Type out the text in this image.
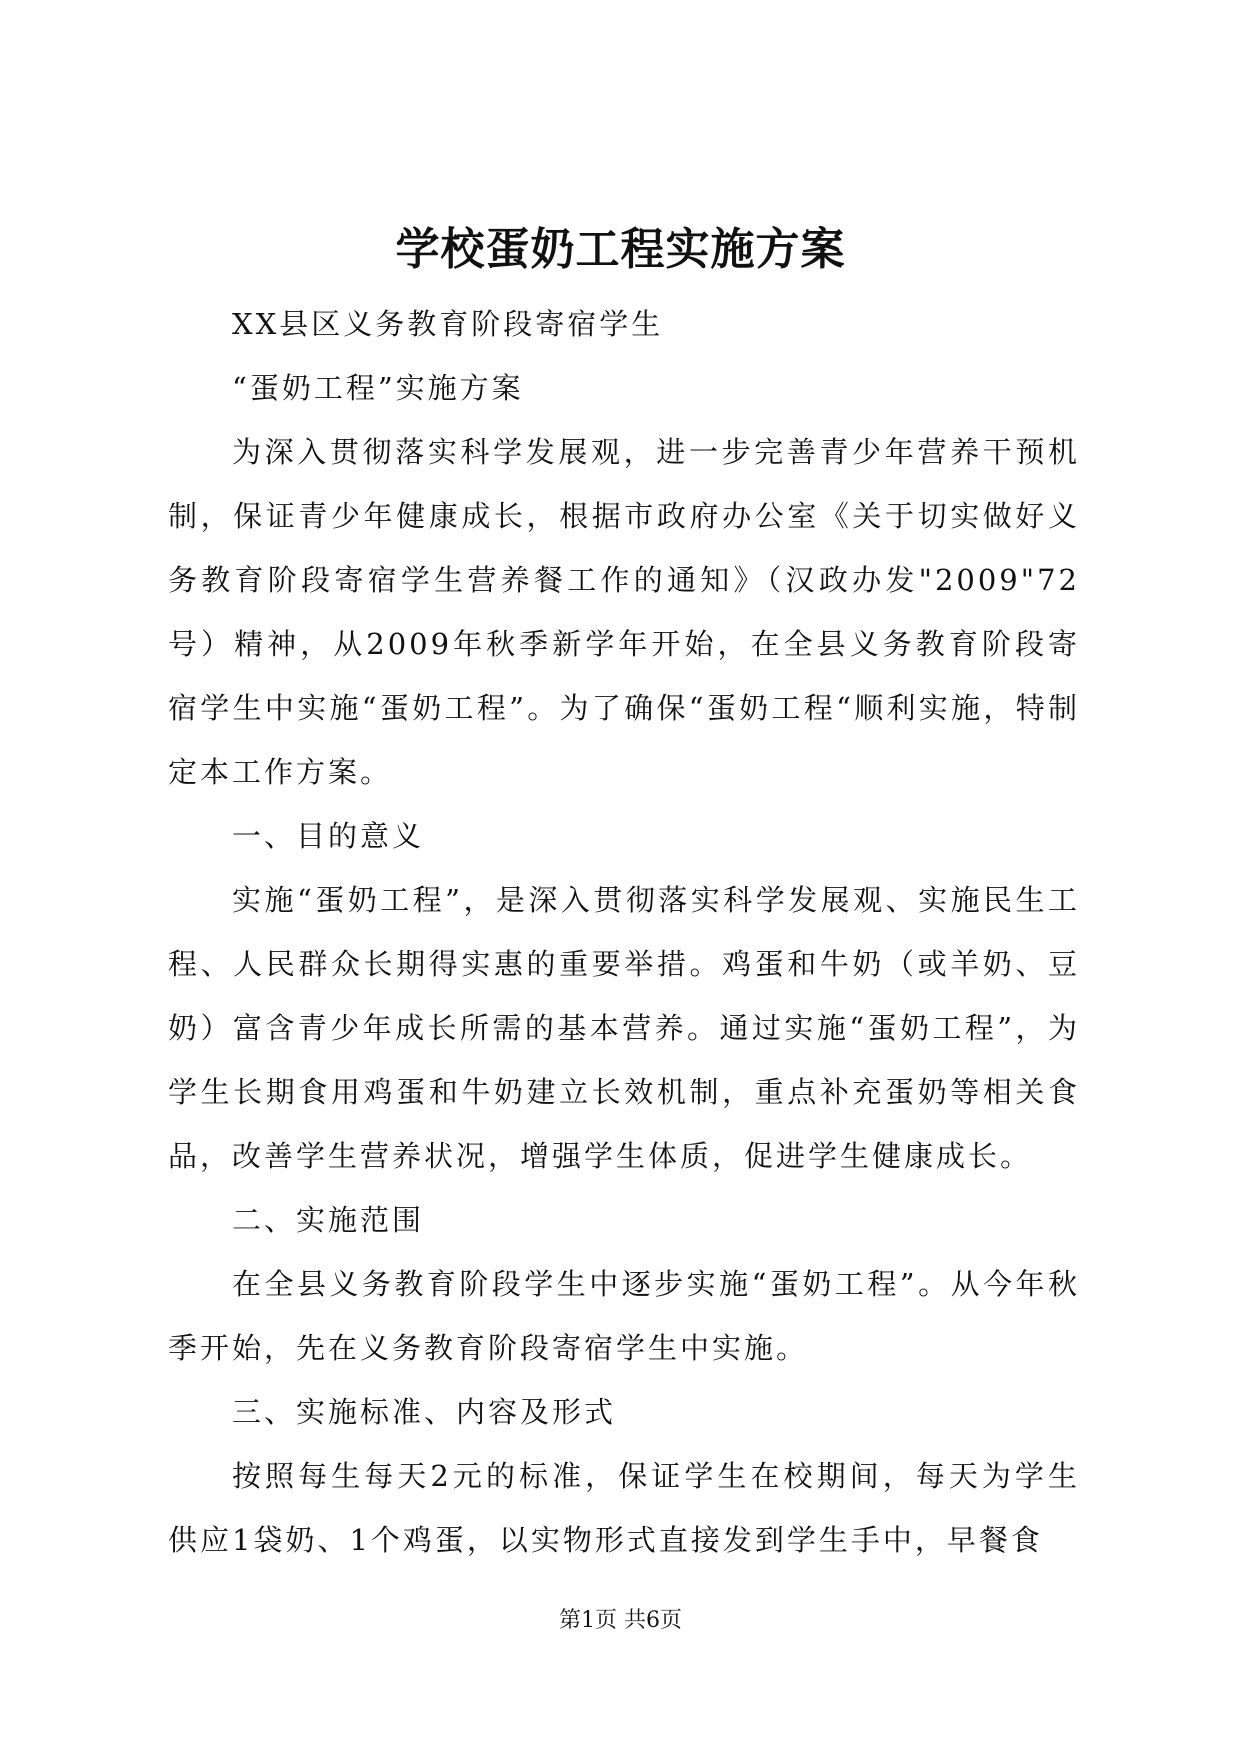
学校蛋奶工程实施方案

XX县区义务教育阶段寄宿学生

“蛋奶工程”实施方案

为深入贯彻落实科学发展观，进一步完善青少年营养干预机制，保证青少年健康成长，根据市政府办公室《关于切实做好义务教育阶段寄宿学生营养餐工作的通知》（汉政办发"2009"72号）精神，从2009年秋季新学年开始，在全县义务教育阶段寄宿学生中实施“蛋奶工程”。为了确保“蛋奶工程“顺利实施，特制定本工作方案。

一、目的意义

实施“蛋奶工程”，是深入贯彻落实科学发展观、实施民生工程、人民群众长期得实惠的重要举措。鸡蛋和牛奶（或羊奶、豆奶）富含青少年成长所需的基本营养。通过实施“蛋奶工程”，为学生长期食用鸡蛋和牛奶建立长效机制，重点补充蛋奶等相关食品，改善学生营养状况，增强学生体质，促进学生健康成长。

二、实施范围

在全县义务教育阶段学生中逐步实施“蛋奶工程”。从今年秋季开始，先在义务教育阶段寄宿学生中实施。

三、实施标准、内容及形式

按照每生每天2元的标准，保证学生在校期间，每天为学生供应1袋奶、1个鸡蛋，以实物形式直接发到学生手中，早餐食

第1页 共6页
